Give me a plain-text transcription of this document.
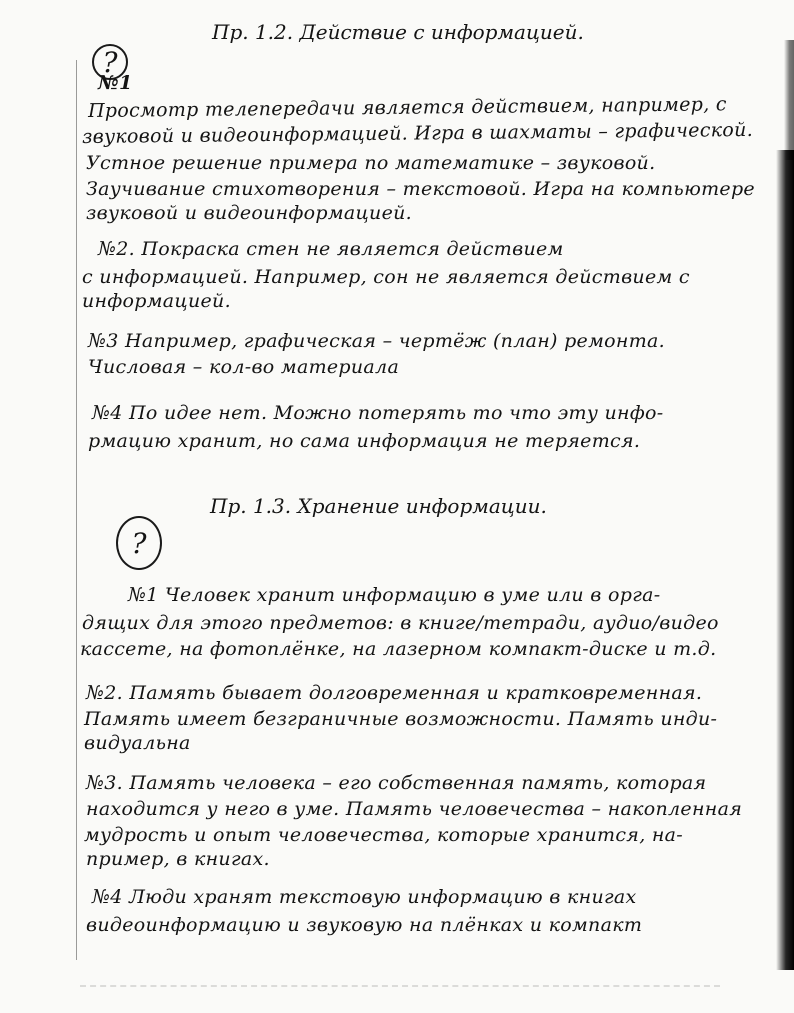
Пр. 1.2. Действие с информацией.
?
№1
Просмотр телепередачи является действием, например, с
звуковой и видеоинформацией. Игра в шахматы – графической.
Устное решение примера по математике – звуковой.
Заучивание стихотворения – текстовой. Игра на компьютере
звуковой и видеоинформацией.
№2. Покраска стен не является действием
с информацией. Например, сон не является действием с
информацией.
№3 Например, графическая – чертёж (план) ремонта.
Числовая – кол-во материала
№4 По идее нет. Можно потерять то что эту инфо-
рмацию хранит, но сама информация не теряется.
Пр. 1.3. Хранение информации.
?
№1 Человек хранит информацию в уме или в орга-
дящих для этого предметов: в книге/тетради, аудио/видео
кассете, на фотоплёнке, на лазерном компакт-диске и т.д.
№2. Память бывает долговременная и кратковременная.
Память имеет безграничные возможности. Память инди-
видуальна
№3. Память человека – его собственная память, которая
находится у него в уме. Память человечества – накопленная
мудрость и опыт человечества, которые хранится, на-
пример, в книгах.
№4 Люди хранят текстовую информацию в книгах
видеоинформацию и звуковую на плёнках и компакт
